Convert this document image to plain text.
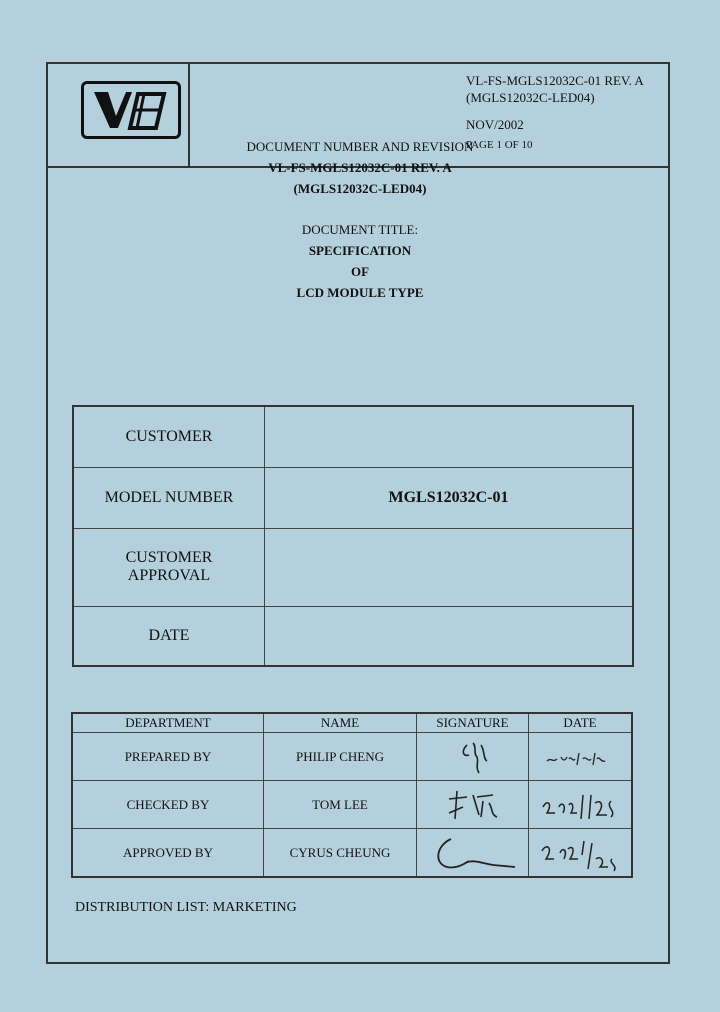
VL-FS-MGLS12032C-01 REV. A
(MGLS12032C-LED04)
NOV/2002
PAGE 1 OF 10
DOCUMENT NUMBER AND REVISION
VL-FS-MGLS12032C-01 REV. A
(MGLS12032C-LED04)
DOCUMENT TITLE:
SPECIFICATION
OF
LCD MODULE TYPE
CUSTOMER	
MODEL NUMBER	MGLS12032C-01

CUSTOMER
APPROVAL	

DATE	
DEPARTMENT	NAME	SIGNATURE	DATE
PREPARED BY	PHILIP CHENG	

CHECKED BY	TOM LEE	

APPROVED BY	CYRUS CHEUNG	

DISTRIBUTION LIST: MARKETING
